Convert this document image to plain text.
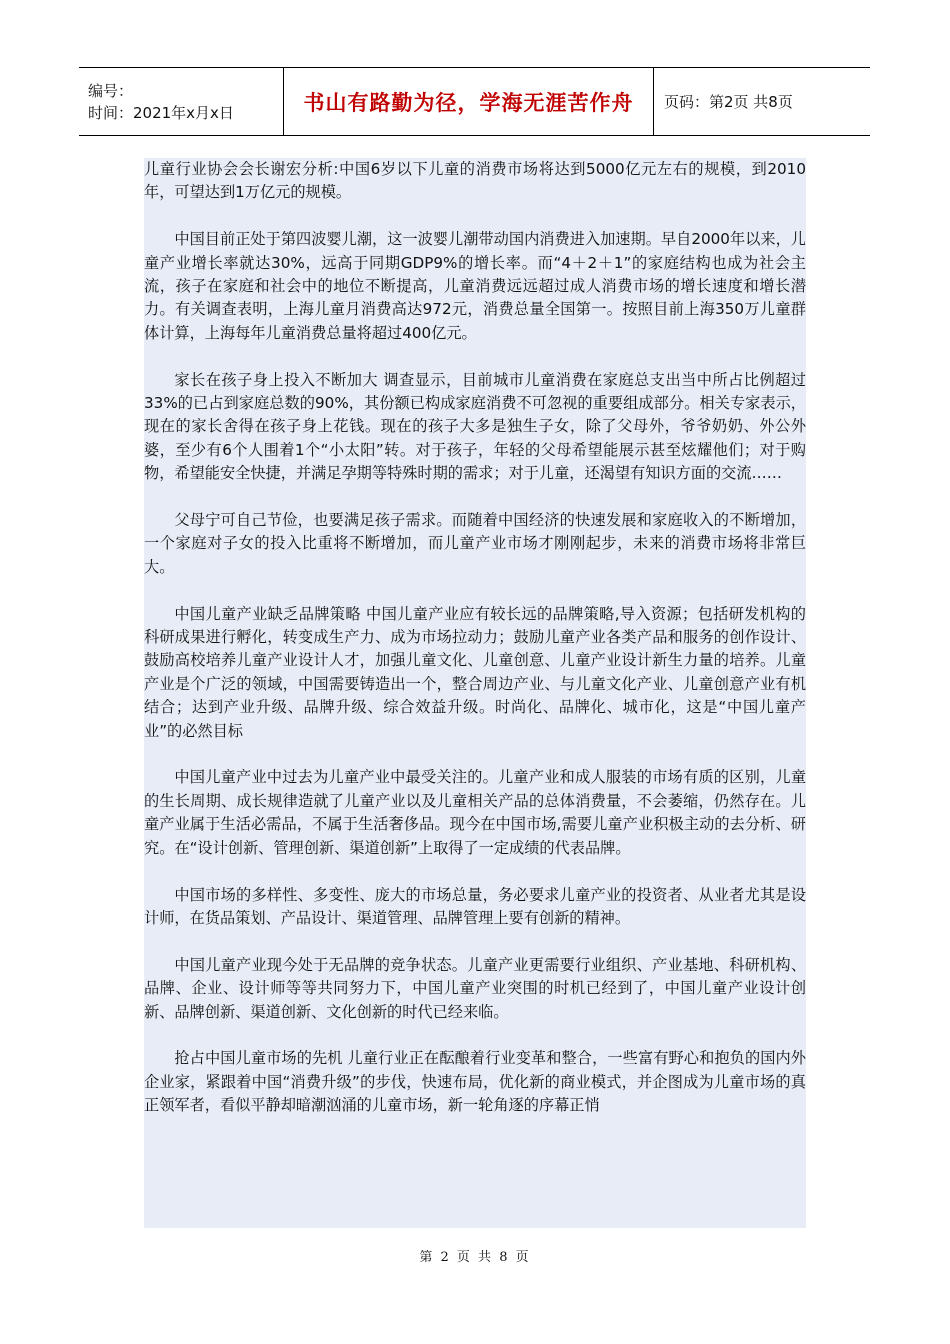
编号：
时间：2021年x月x日	书山有路勤为径，学海无涯苦作舟 页码：第2页 共8页

儿童行业协会会长谢宏分析:中国6岁以下儿童的消费市场将达到5000亿元左右的规模，到2010年，可望达到1万亿元的规模。

中国目前正处于第四波婴儿潮，这一波婴儿潮带动国内消费进入加速期。早自2000年以来，儿童产业增长率就达30%，远高于同期GDP9%的增长率。而“4＋2＋1”的家庭结构也成为社会主流，孩子在家庭和社会中的地位不断提高，儿童消费远远超过成人消费市场的增长速度和增长潜力。有关调查表明，上海儿童月消费高达972元，消费总量全国第一。按照目前上海350万儿童群体计算，上海每年儿童消费总量将超过400亿元。

家长在孩子身上投入不断加大 调查显示，目前城市儿童消费在家庭总支出当中所占比例超过33%的已占到家庭总数的90%，其份额已构成家庭消费不可忽视的重要组成部分。相关专家表示，现在的家长舍得在孩子身上花钱。现在的孩子大多是独生子女，除了父母外，爷爷奶奶、外公外婆，至少有6个人围着1个“小太阳”转。对于孩子，年轻的父母希望能展示甚至炫耀他们；对于购物，希望能安全快捷，并满足孕期等特殊时期的需求；对于儿童，还渴望有知识方面的交流……

父母宁可自己节俭，也要满足孩子需求。而随着中国经济的快速发展和家庭收入的不断增加，一个家庭对子女的投入比重将不断增加，而儿童产业市场才刚刚起步，未来的消费市场将非常巨大。

中国儿童产业缺乏品牌策略 中国儿童产业应有较长远的品牌策略,导入资源；包括研发机构的科研成果进行孵化，转变成生产力、成为市场拉动力；鼓励儿童产业各类产品和服务的创作设计、鼓励高校培养儿童产业设计人才，加强儿童文化、儿童创意、儿童产业设计新生力量的培养。儿童产业是个广泛的领域，中国需要铸造出一个，整合周边产业、与儿童文化产业、儿童创意产业有机结合；达到产业升级、品牌升级、综合效益升级。时尚化、品牌化、城市化，这是“中国儿童产业”的必然目标

中国儿童产业中过去为儿童产业中最受关注的。儿童产业和成人服装的市场有质的区别，儿童的生长周期、成长规律造就了儿童产业以及儿童相关产品的总体消费量，不会萎缩，仍然存在。儿童产业属于生活必需品，不属于生活奢侈品。现今在中国市场,需要儿童产业积极主动的去分析、研究。在“设计创新、管理创新、渠道创新”上取得了一定成绩的代表品牌。

中国市场的多样性、多变性、庞大的市场总量，务必要求儿童产业的投资者、从业者尤其是设计师，在货品策划、产品设计、渠道管理、品牌管理上要有创新的精神。

中国儿童产业现今处于无品牌的竞争状态。儿童产业更需要行业组织、产业基地、科研机构、品牌、企业、设计师等等共同努力下，中国儿童产业突围的时机已经到了，中国儿童产业设计创新、品牌创新、渠道创新、文化创新的时代已经来临。

抢占中国儿童市场的先机 儿童行业正在酝酿着行业变革和整合，一些富有野心和抱负的国内外企业家，紧跟着中国“消费升级”的步伐，快速布局，优化新的商业模式，并企图成为儿童市场的真正领军者，看似平静却暗潮汹涌的儿童市场，新一轮角逐的序幕正悄

第 2 页 共 8 页
